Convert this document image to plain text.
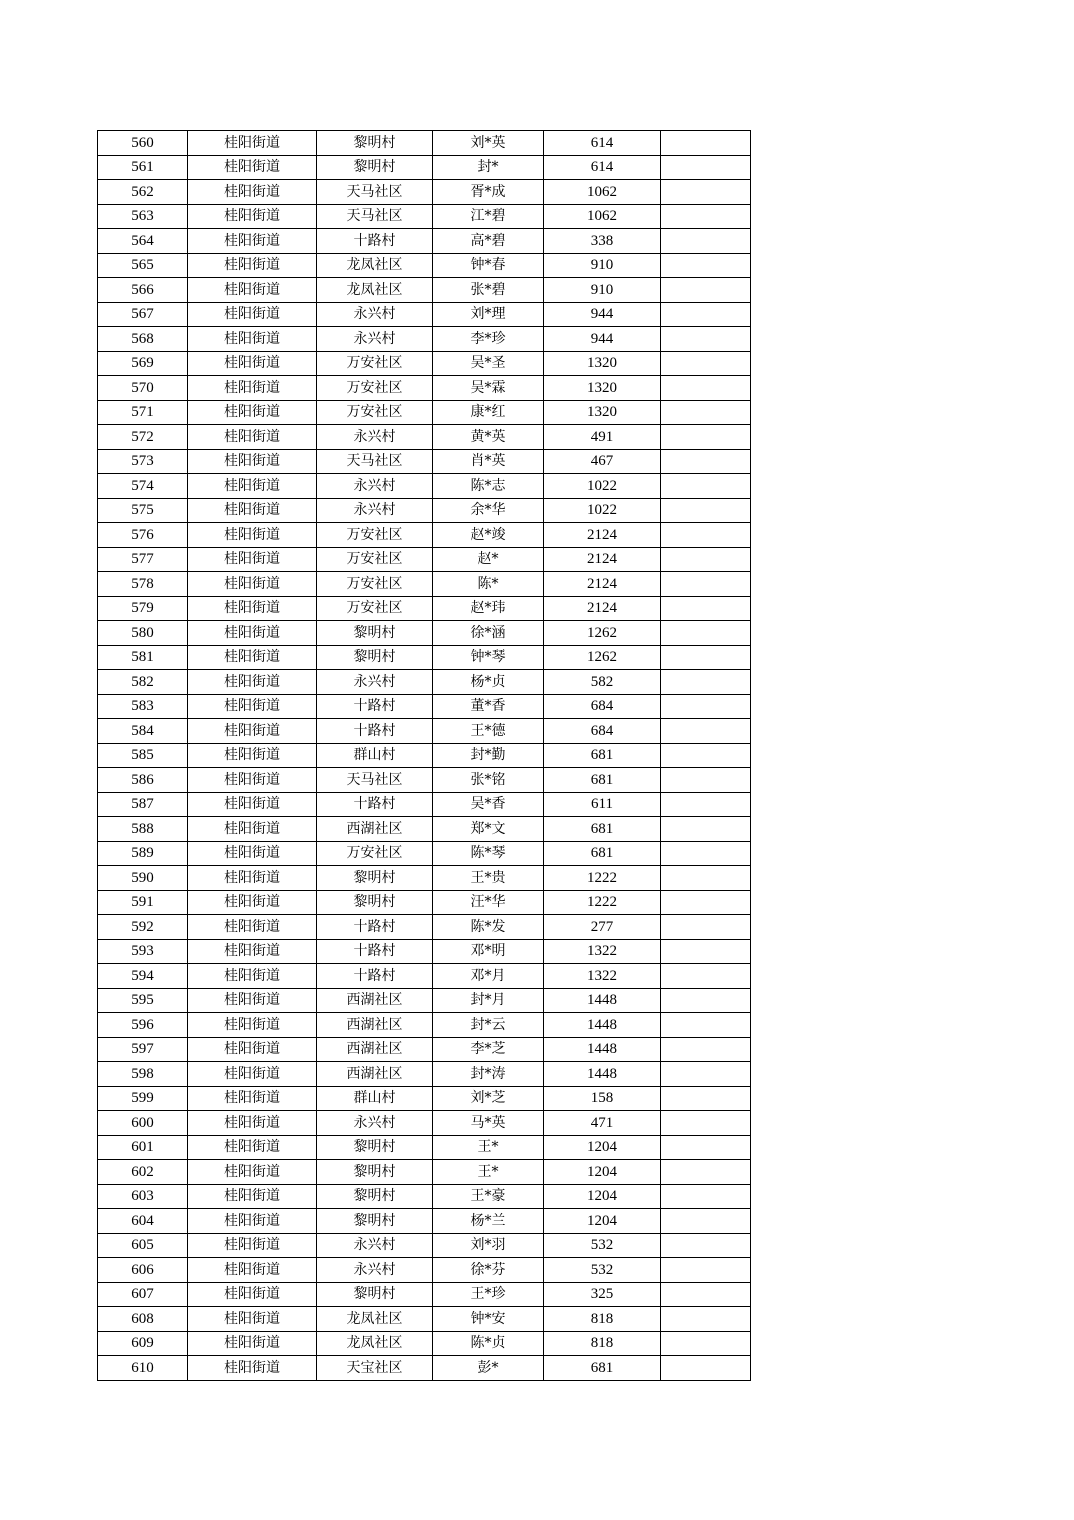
560	桂阳街道	黎明村	刘*英	614	
561	桂阳街道	黎明村	封*	614	
562	桂阳街道	天马社区	胥*成	1062	
563	桂阳街道	天马社区	江*碧	1062	
564	桂阳街道	十路村	高*碧	338	
565	桂阳街道	龙凤社区	钟*春	910	
566	桂阳街道	龙凤社区	张*碧	910	
567	桂阳街道	永兴村	刘*理	944	
568	桂阳街道	永兴村	李*珍	944	
569	桂阳街道	万安社区	吴*圣	1320	
570	桂阳街道	万安社区	吴*霖	1320	
571	桂阳街道	万安社区	康*红	1320	
572	桂阳街道	永兴村	黄*英	491	
573	桂阳街道	天马社区	肖*英	467	
574	桂阳街道	永兴村	陈*志	1022	
575	桂阳街道	永兴村	余*华	1022	
576	桂阳街道	万安社区	赵*竣	2124	
577	桂阳街道	万安社区	赵*	2124	
578	桂阳街道	万安社区	陈*	2124	
579	桂阳街道	万安社区	赵*玮	2124	
580	桂阳街道	黎明村	徐*涵	1262	
581	桂阳街道	黎明村	钟*琴	1262	
582	桂阳街道	永兴村	杨*贞	582	
583	桂阳街道	十路村	董*香	684	
584	桂阳街道	十路村	王*德	684	
585	桂阳街道	群山村	封*勤	681	
586	桂阳街道	天马社区	张*铭	681	
587	桂阳街道	十路村	吴*香	611	
588	桂阳街道	西湖社区	郑*文	681	
589	桂阳街道	万安社区	陈*琴	681	
590	桂阳街道	黎明村	王*贵	1222	
591	桂阳街道	黎明村	汪*华	1222	
592	桂阳街道	十路村	陈*发	277	
593	桂阳街道	十路村	邓*明	1322	
594	桂阳街道	十路村	邓*月	1322	
595	桂阳街道	西湖社区	封*月	1448	
596	桂阳街道	西湖社区	封*云	1448	
597	桂阳街道	西湖社区	李*芝	1448	
598	桂阳街道	西湖社区	封*涛	1448	
599	桂阳街道	群山村	刘*芝	158	
600	桂阳街道	永兴村	马*英	471	
601	桂阳街道	黎明村	王*	1204	
602	桂阳街道	黎明村	王*	1204	
603	桂阳街道	黎明村	王*豪	1204	
604	桂阳街道	黎明村	杨*兰	1204	
605	桂阳街道	永兴村	刘*羽	532	
606	桂阳街道	永兴村	徐*芬	532	
607	桂阳街道	黎明村	王*珍	325	
608	桂阳街道	龙凤社区	钟*安	818	
609	桂阳街道	龙凤社区	陈*贞	818	
610	桂阳街道	天宝社区	彭*	681	
